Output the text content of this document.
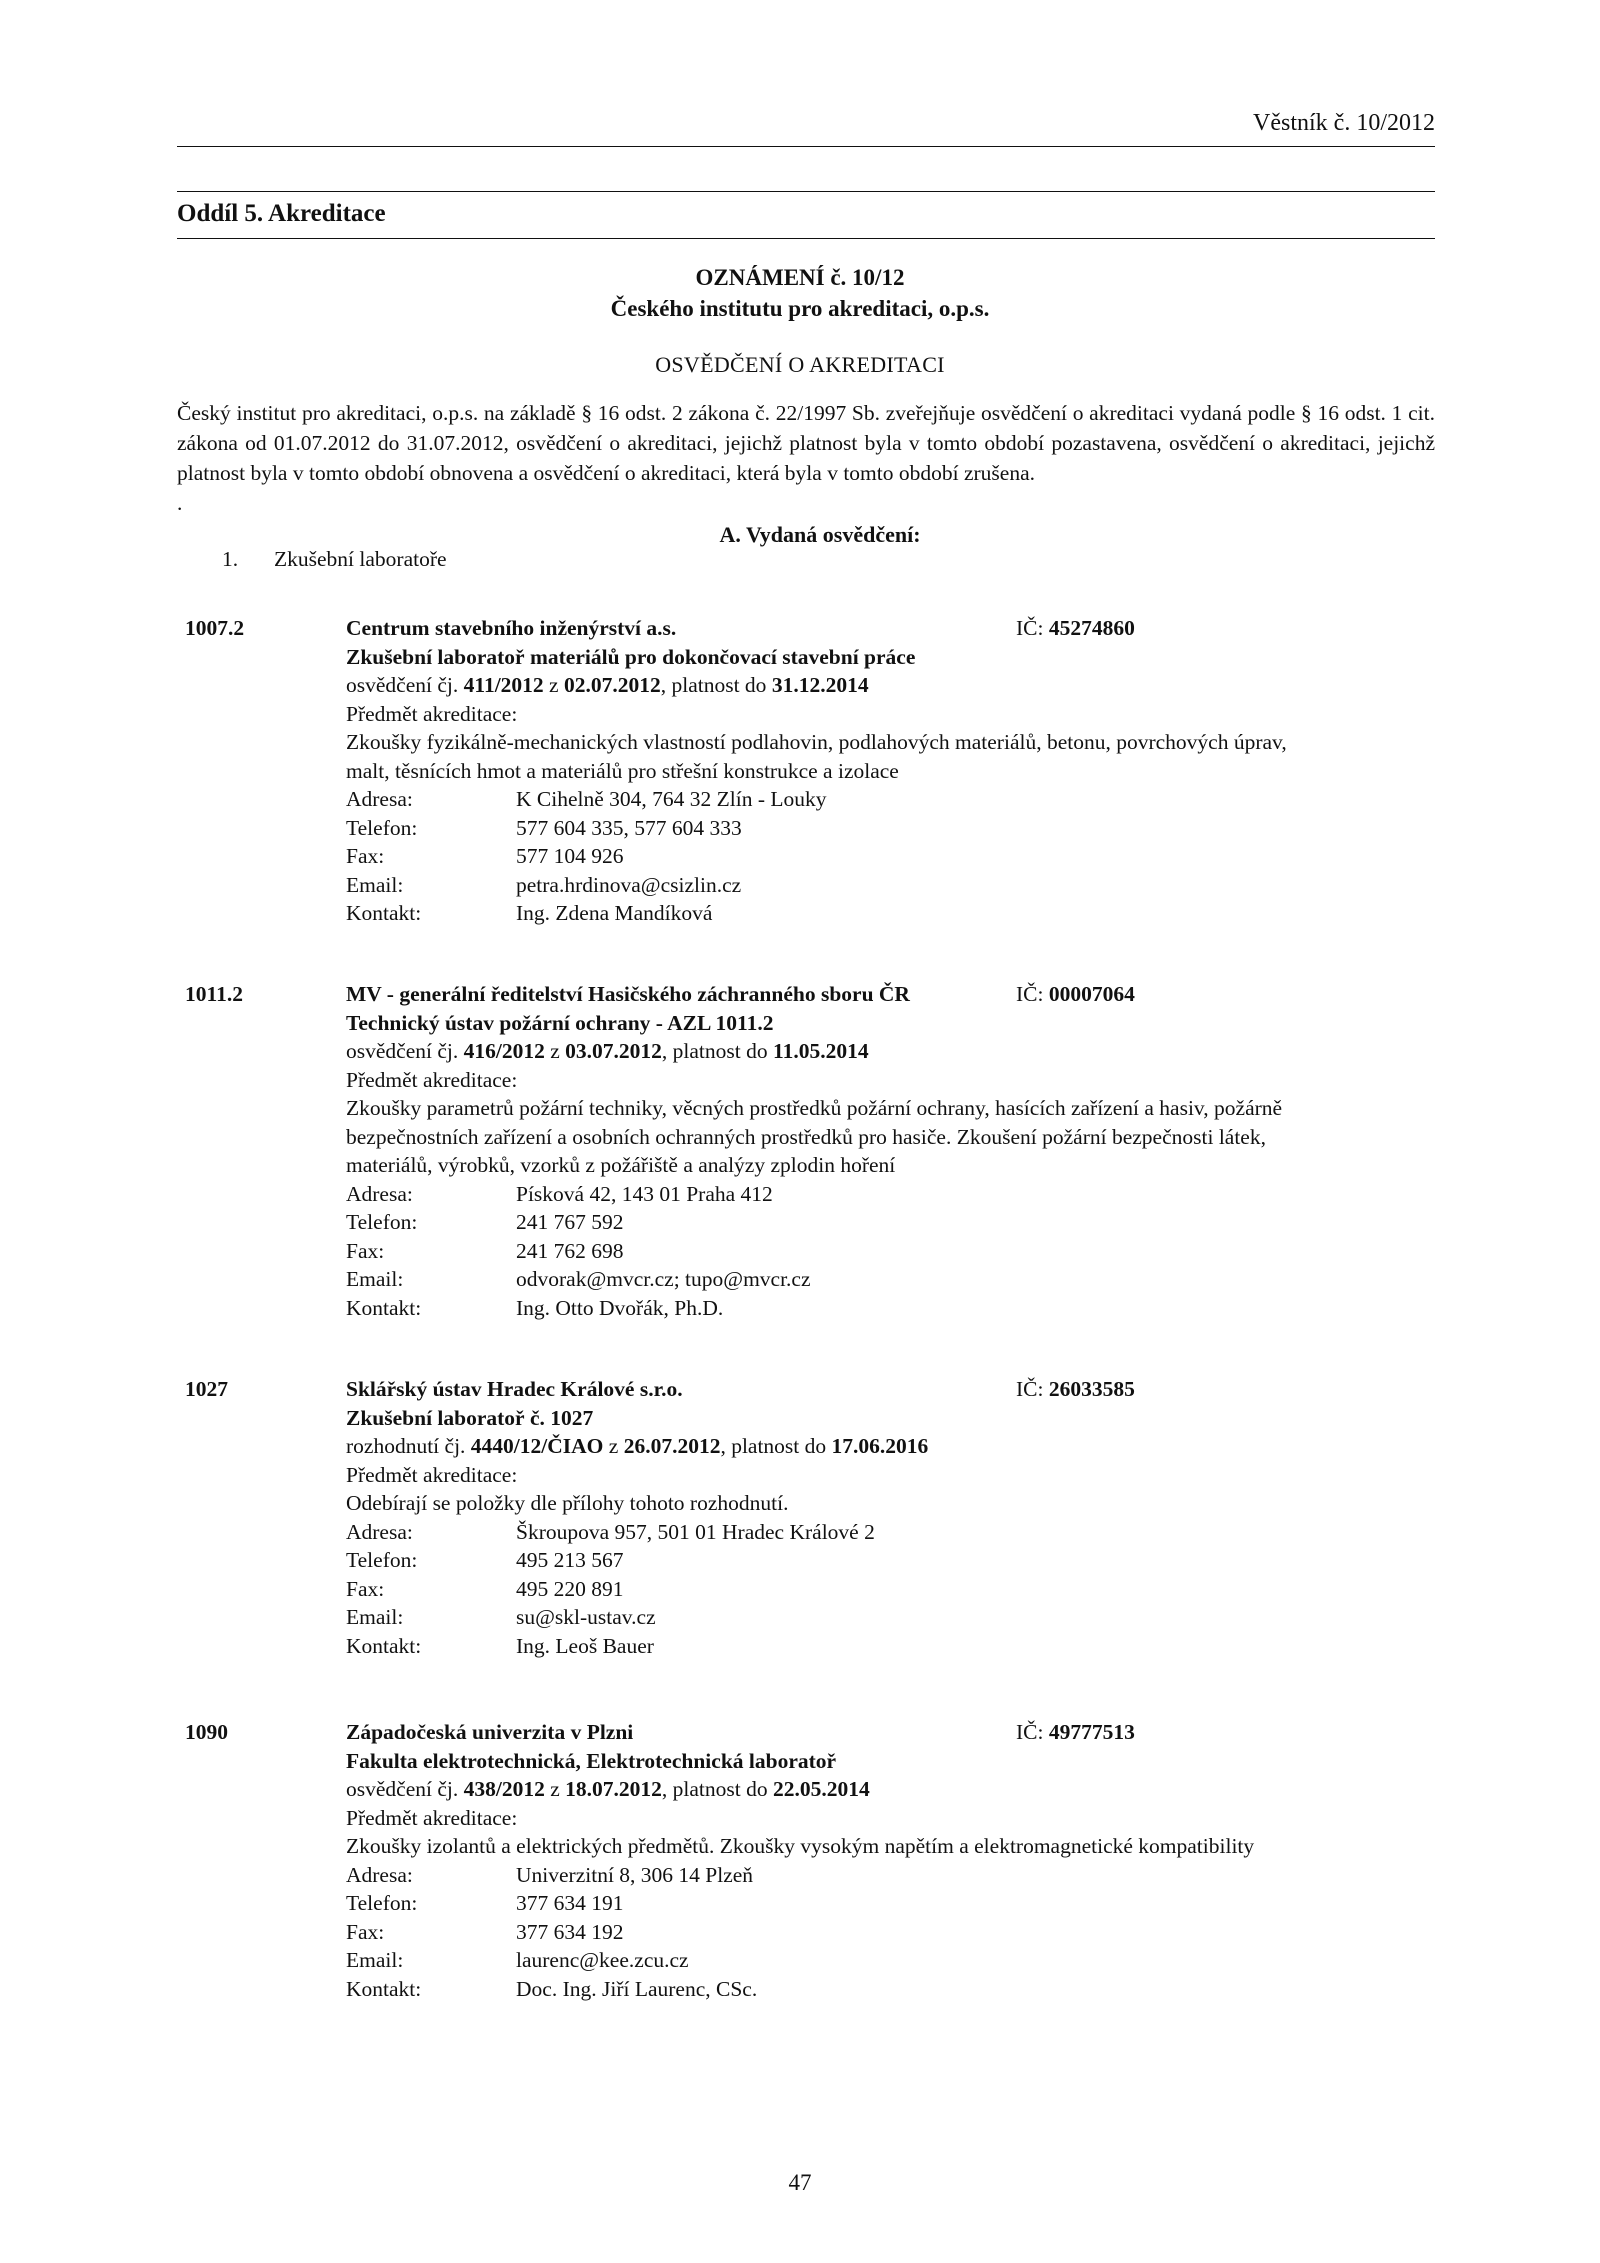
Věstník č. 10/2012
Oddíl 5. Akreditace
OZNÁMENÍ č. 10/12
Českého institutu pro akreditaci, o.p.s.
OSVĚDČENÍ O AKREDITACI
Český institut pro akreditaci, o.p.s. na základě § 16 odst. 2 zákona č. 22/1997 Sb. zveřejňuje osvědčení o akreditaci vydaná podle § 16 odst. 1 cit. zákona od 01.07.2012 do 31.07.2012, osvědčení o akreditaci, jejichž platnost byla v tomto období pozastavena, osvědčení o akreditaci, jejichž platnost byla v tomto období obnovena a osvědčení o akreditaci, která byla v tomto období zrušena.
.
A. Vydaná osvědčení:
1. Zkušební laboratoře
1007.2	IČ: 45274860
Centrum stavebního inženýrství a.s.
Zkušební laboratoř materiálů pro dokončovací stavební práce
osvědčení čj. 411/2012 z 02.07.2012, platnost do 31.12.2014
Předmět akreditace:
Zkoušky fyzikálně-mechanických vlastností podlahovin, podlahových materiálů, betonu, povrchových úprav,
malt, těsnících hmot a materiálů pro střešní konstrukce a izolace
Adresa:	K Cihelně 304, 764 32 Zlín - Louky
Telefon:	577 604 335, 577 604 333
Fax:	577 104 926
Email:	petra.hrdinova@csizlin.cz
Kontakt:	Ing. Zdena Mandíková
1011.2	IČ: 00007064
MV - generální ředitelství Hasičského záchranného sboru ČR
Technický ústav požární ochrany - AZL 1011.2
osvědčení čj. 416/2012 z 03.07.2012, platnost do 11.05.2014
Předmět akreditace:
Zkoušky parametrů požární techniky, věcných prostředků požární ochrany, hasících zařízení a hasiv, požárně
bezpečnostních zařízení a osobních ochranných prostředků pro hasiče. Zkoušení požární bezpečnosti látek,
materiálů, výrobků, vzorků z požářiště a analýzy zplodin hoření
Adresa:	Písková 42, 143 01 Praha 412
Telefon:	241 767 592
Fax:	241 762 698
Email:	odvorak@mvcr.cz; tupo@mvcr.cz
Kontakt:	Ing. Otto Dvořák, Ph.D.
1027	IČ: 26033585
Sklářský ústav Hradec Králové s.r.o.
Zkušební laboratoř č. 1027
rozhodnutí čj. 4440/12/ČIAO z 26.07.2012, platnost do 17.06.2016
Předmět akreditace:
Odebírají se položky dle přílohy tohoto rozhodnutí.
Adresa:	Škroupova 957, 501 01 Hradec Králové 2
Telefon:	495 213 567
Fax:	495 220 891
Email:	su@skl-ustav.cz
Kontakt:	Ing. Leoš Bauer
1090	IČ: 49777513
Západočeská univerzita v Plzni
Fakulta elektrotechnická, Elektrotechnická laboratoř
osvědčení čj. 438/2012 z 18.07.2012, platnost do 22.05.2014
Předmět akreditace:
Zkoušky izolantů a elektrických předmětů. Zkoušky vysokým napětím a elektromagnetické kompatibility
Adresa:	Univerzitní 8, 306 14 Plzeň
Telefon:	377 634 191
Fax:	377 634 192
Email:	laurenc@kee.zcu.cz
Kontakt:	Doc. Ing. Jiří Laurenc, CSc.
47
